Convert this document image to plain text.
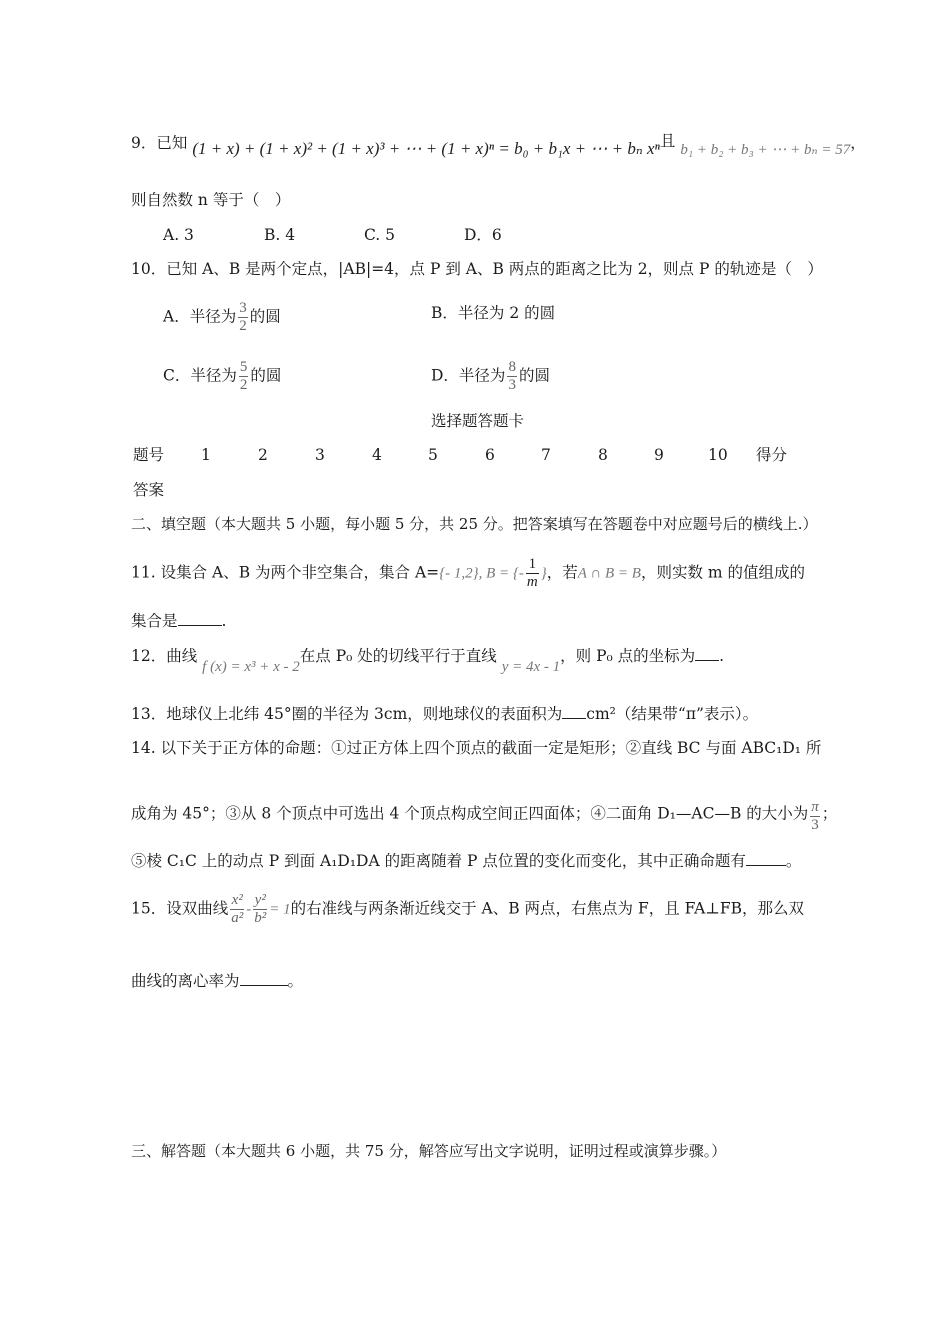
9．已知 (1 + x) + (1 + x)² + (1 + x)³ + ⋯ + (1 + x)ⁿ = b₀ + b₁x + ⋯ + bₙ xⁿ且 b₁ + b₂ + b₃ + ⋯ + bₙ = 57，
则自然数 n 等于（　）
A. 3	B. 4	C. 5	D．6
10．已知 A、B 是两个定点，|AB|=4，点 P 到 A、B 两点的距离之比为 2，则点 P 的轨迹是（　）
A．半径为 $\frac{3}{2}$ 的圆	B．半径为 2 的圆
C．半径为 $\frac{5}{2}$ 的圆	D．半径为 $\frac{8}{3}$ 的圆
选择题答题卡
题号 1	2	3	4	5	6	7	8	9	10 得分
答案
二、填空题（本大题共 5 小题，每小题 5 分，共 25 分。把答案填写在答题卷中对应题号后的横线上.）
11. 设集合 A、B 为两个非空集合，集合 A={- 1,2}, B = {- $\frac{1}{m}$ }，若A ∩ B = B，则实数 m 的值组成的
集合是	.
12．曲线 f (x) = x³ + x - 2在点 P₀ 处的切线平行于直线 y = 4x - 1，则 P₀ 点的坐标为 .
13．地球仪上北纬 45°圈的半径为 3cm，则地球仪的表面积为 cm²（结果带“π”表示）。
14. 以下关于正方体的命题：①过正方体上四个顶点的截面一定是矩形；②直线 BC 与面 ABC₁D₁ 所
成角为 45°；③从 8 个顶点中可选出 4 个顶点构成空间正四面体；④二面角 D₁—AC—B 的大小为 $\frac{\pi}{3}$ ；
⑤棱 C₁C 上的动点 P 到面 A₁D₁DA 的距离随着 P 点位置的变化而变化，其中正确命题有	。
15．设双曲线 $\frac{\text{x²}}{\text{a²}} - \frac{\text{y²}}{\text{b²}} = 1$的右准线与两条渐近线交于 A、B 两点，右焦点为 F，且 FA⊥FB，那么双
曲线的离心率为	。
三、解答题（本大题共 6 小题，共 75 分，解答应写出文字说明，证明过程或演算步骤。）
